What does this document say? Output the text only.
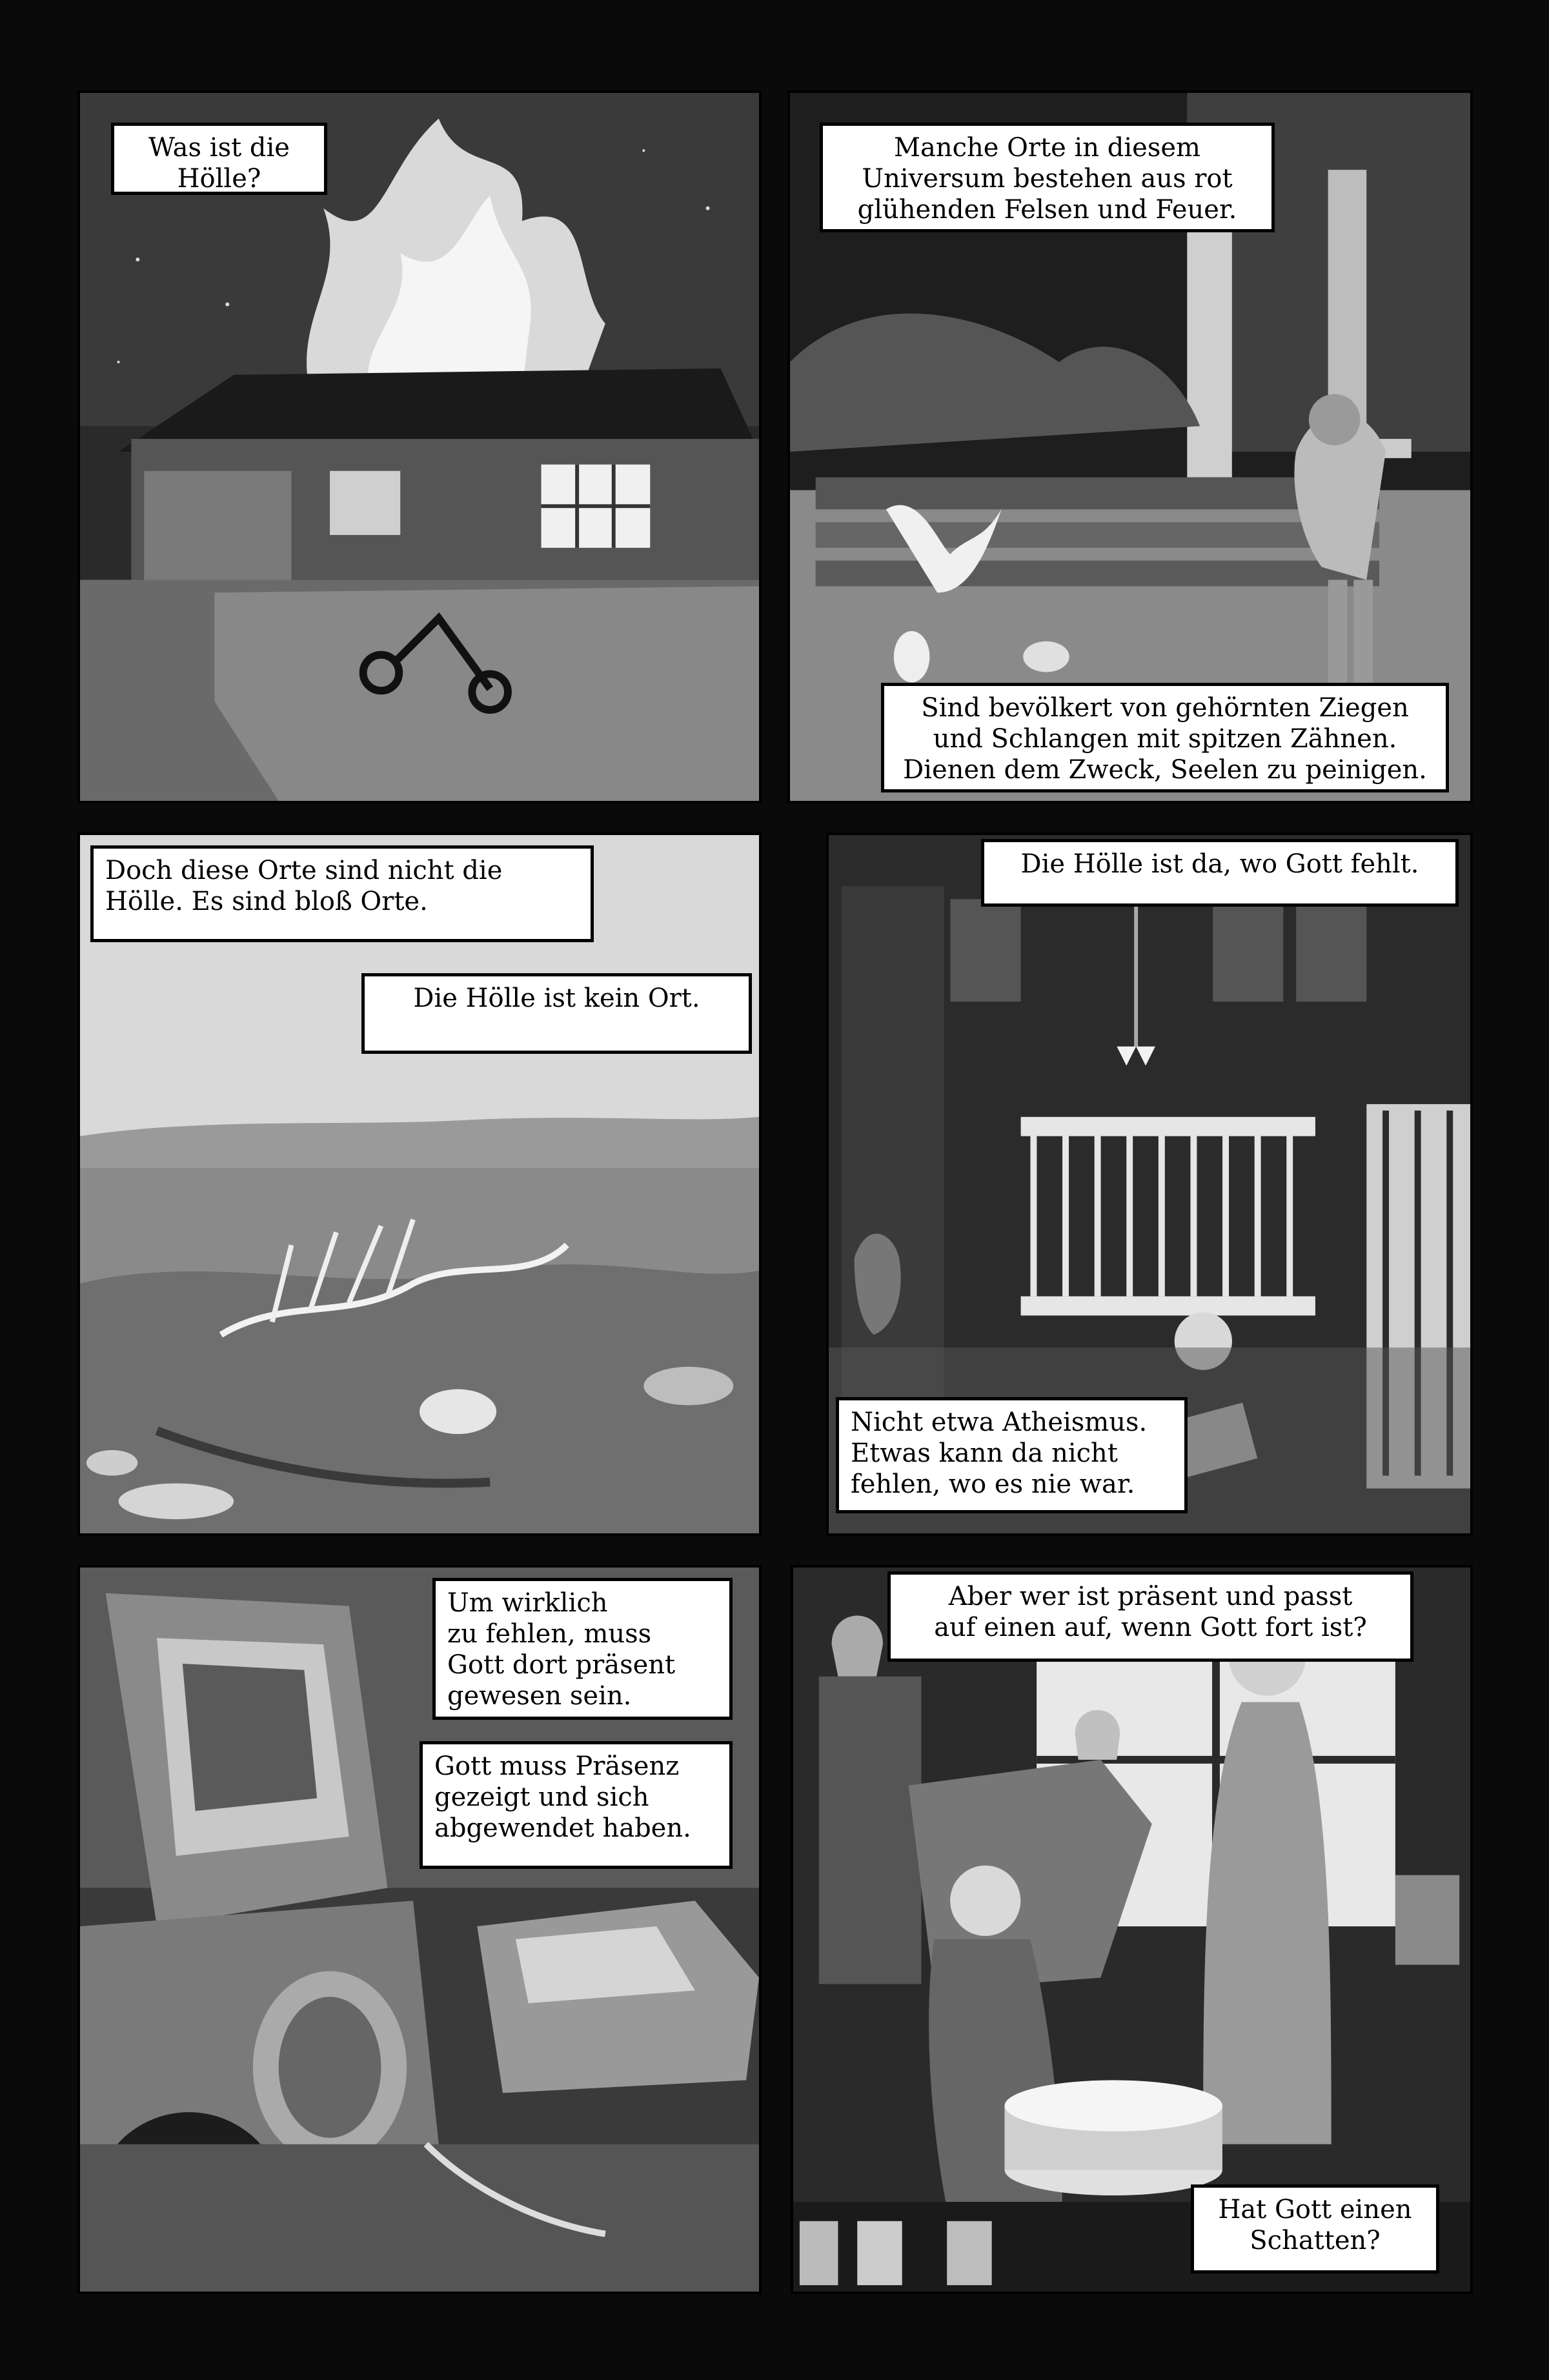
Was ist die
Hölle?
Manche Orte in diesem
Universum bestehen aus rot
glühenden Felsen und Feuer.
Sind bevölkert von gehörnten Ziegen
und Schlangen mit spitzen Zähnen.
Dienen dem Zweck, Seelen zu peinigen.
Doch diese Orte sind nicht die
Hölle. Es sind bloß Orte.
Die Hölle ist kein Ort.
Die Hölle ist da, wo Gott fehlt.
Nicht etwa Atheismus.
Etwas kann da nicht
fehlen, wo es nie war.
Um wirklich
zu fehlen, muss
Gott dort präsent
gewesen sein.
Gott muss Präsenz
gezeigt und sich
abgewendet haben.
Aber wer ist präsent und passt
auf einen auf, wenn Gott fort ist?
Hat Gott einen
Schatten?
